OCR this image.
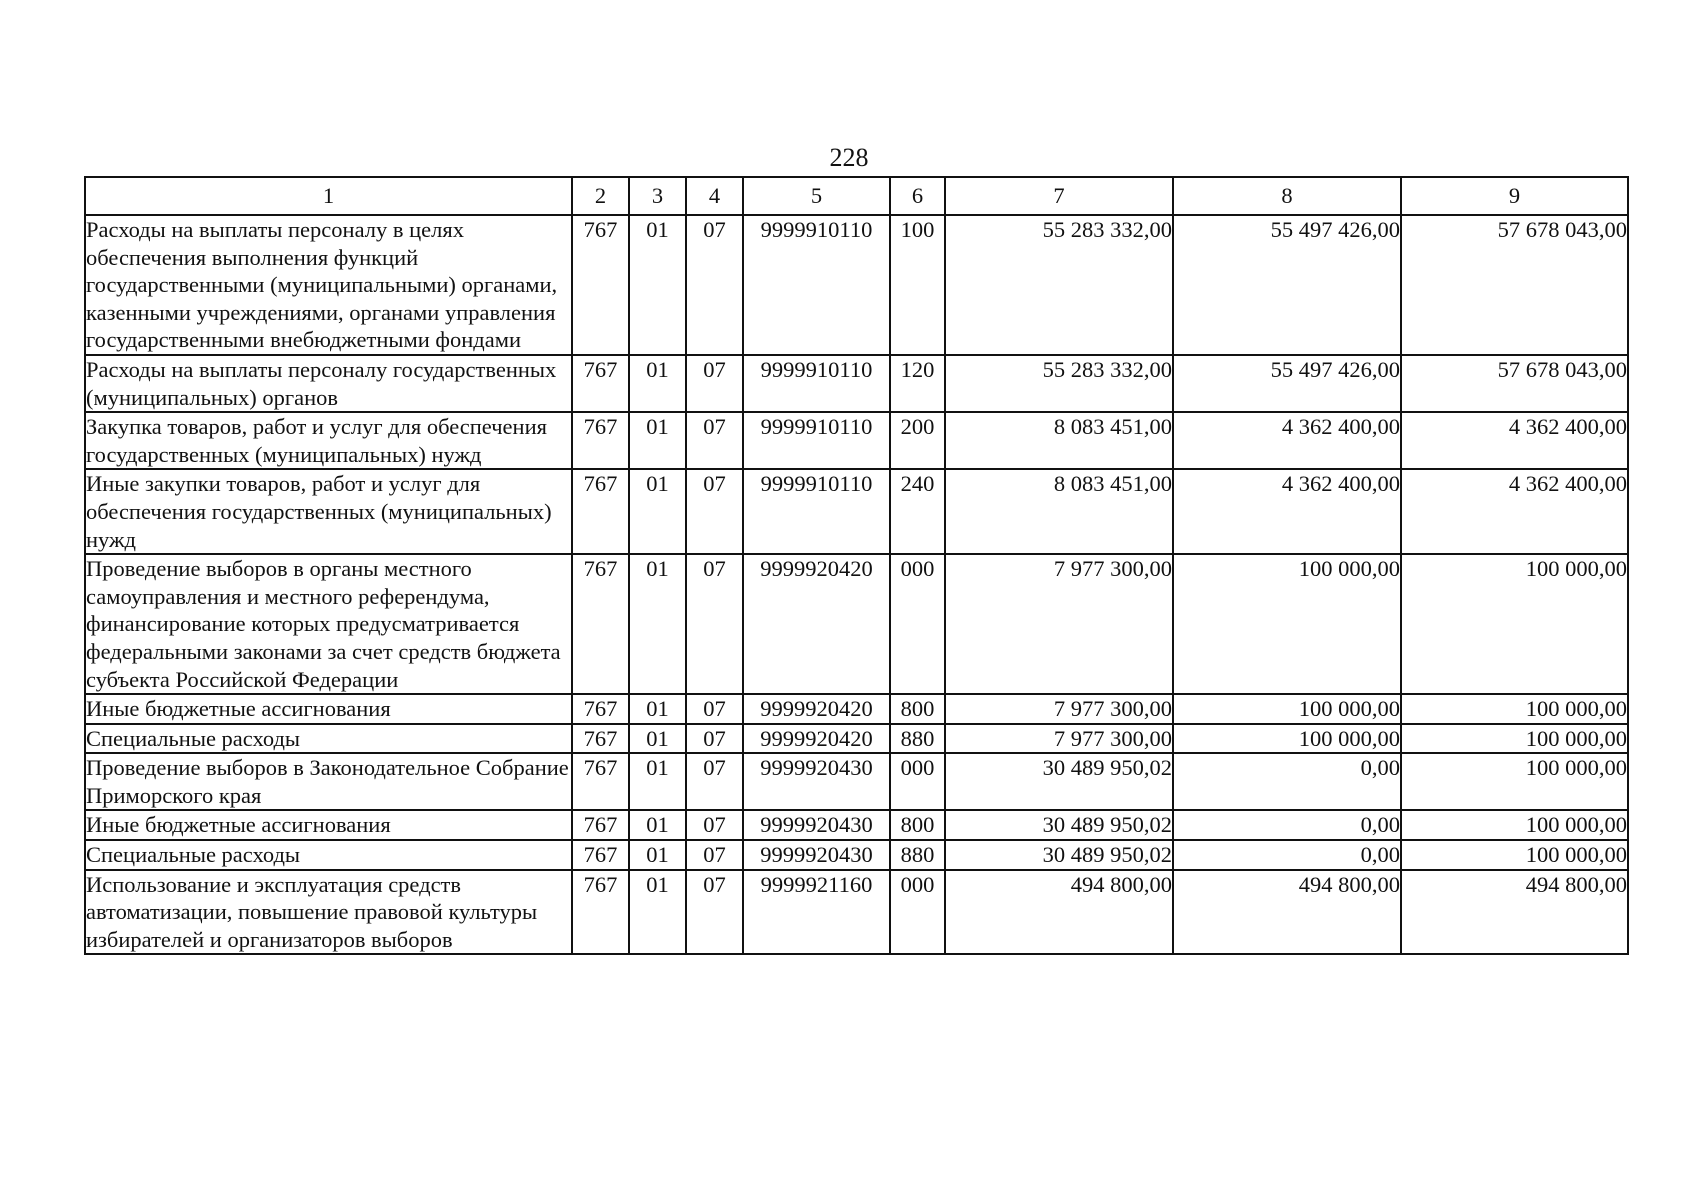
228
1	2	3	4	5	6	7	8	9
Расходы на выплаты персоналу в целях обеспечения выполнения функций государственными (муниципальными) органами, казенными учреждениями, органами управления государственными внебюджетными фондами	767	01	07	9999910110	100	55 283 332,00	55 497 426,00	57 678 043,00
Расходы на выплаты персоналу государственных (муниципальных) органов	767	01	07	9999910110	120	55 283 332,00	55 497 426,00	57 678 043,00
Закупка товаров, работ и услуг для обеспечения государственных (муниципальных) нужд	767	01	07	9999910110	200	8 083 451,00	4 362 400,00	4 362 400,00
Иные закупки товаров, работ и услуг для обеспечения государственных (муниципальных) нужд	767	01	07	9999910110	240	8 083 451,00	4 362 400,00	4 362 400,00
Проведение выборов в органы местного самоуправления и местного референдума, финансирование которых предусматривается федеральными законами за счет средств бюджета субъекта Российской Федерации	767	01	07	9999920420	000	7 977 300,00	100 000,00	100 000,00
Иные бюджетные ассигнования	767	01	07	9999920420	800	7 977 300,00	100 000,00	100 000,00
Специальные расходы	767	01	07	9999920420	880	7 977 300,00	100 000,00	100 000,00
Проведение выборов в Законодательное Собрание Приморского края	767	01	07	9999920430	000	30 489 950,02	0,00	100 000,00
Иные бюджетные ассигнования	767	01	07	9999920430	800	30 489 950,02	0,00	100 000,00
Специальные расходы	767	01	07	9999920430	880	30 489 950,02	0,00	100 000,00
Использование и эксплуатация средств автоматизации, повышение правовой культуры избирателей и организаторов выборов	767	01	07	9999921160	000	494 800,00	494 800,00	494 800,00
